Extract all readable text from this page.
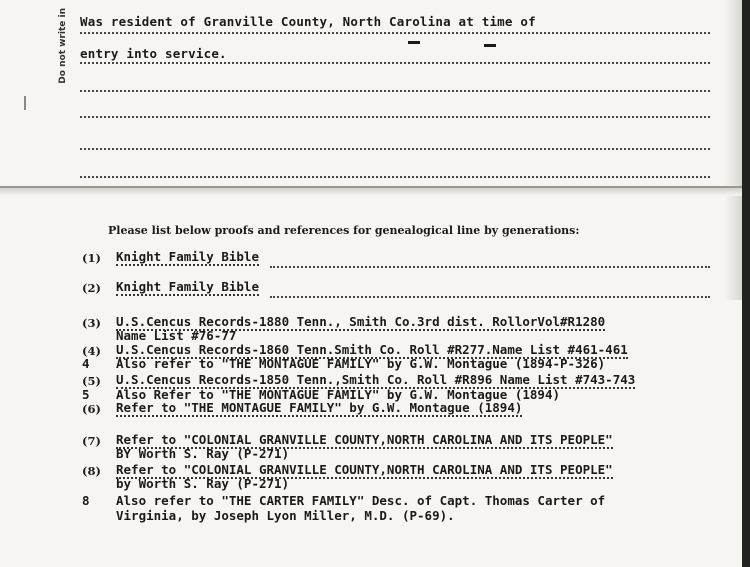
Do not write in Was resident of Granville County, North Carolina at time of
entry into service.
Please list below proofs and references for genealogical line by generations:
(1) Knight Family Bible
(2) Knight Family Bible
(3) U.S.Cencus Records-1880 Tenn., Smith Co.3rd dist. RollorVol#R1280
Name List #76-77
(4) U.S.Cencus Records-1860 Tenn.Smith Co. Roll #R277.Name List #461-461
4 Also refer to "THE MONTAGUE FAMILY" by G.W. Montague (1894-P-326)
(5) U.S.Cencus Records-1850 Tenn.,Smith Co. Roll #R896 Name List #743-743
5 Also Refer to "THE MONTAGUE FAMILY" by G.W. Montague (1894)
(6) Refer to "THE MONTAGUE FAMILY" by G.W. Montague (1894)
(7) Refer to "COLONIAL GRANVILLE COUNTY,NORTH CAROLINA AND ITS PEOPLE"
BY Worth S. Ray (P-271)
(8) Refer to "COLONIAL GRANVILLE COUNTY,NORTH CAROLINA AND ITS PEOPLE"
by Worth S. Ray (P-271)
8 Also refer to "THE CARTER FAMILY" Desc. of Capt. Thomas Carter of
Virginia, by Joseph Lyon Miller, M.D. (P-69).
